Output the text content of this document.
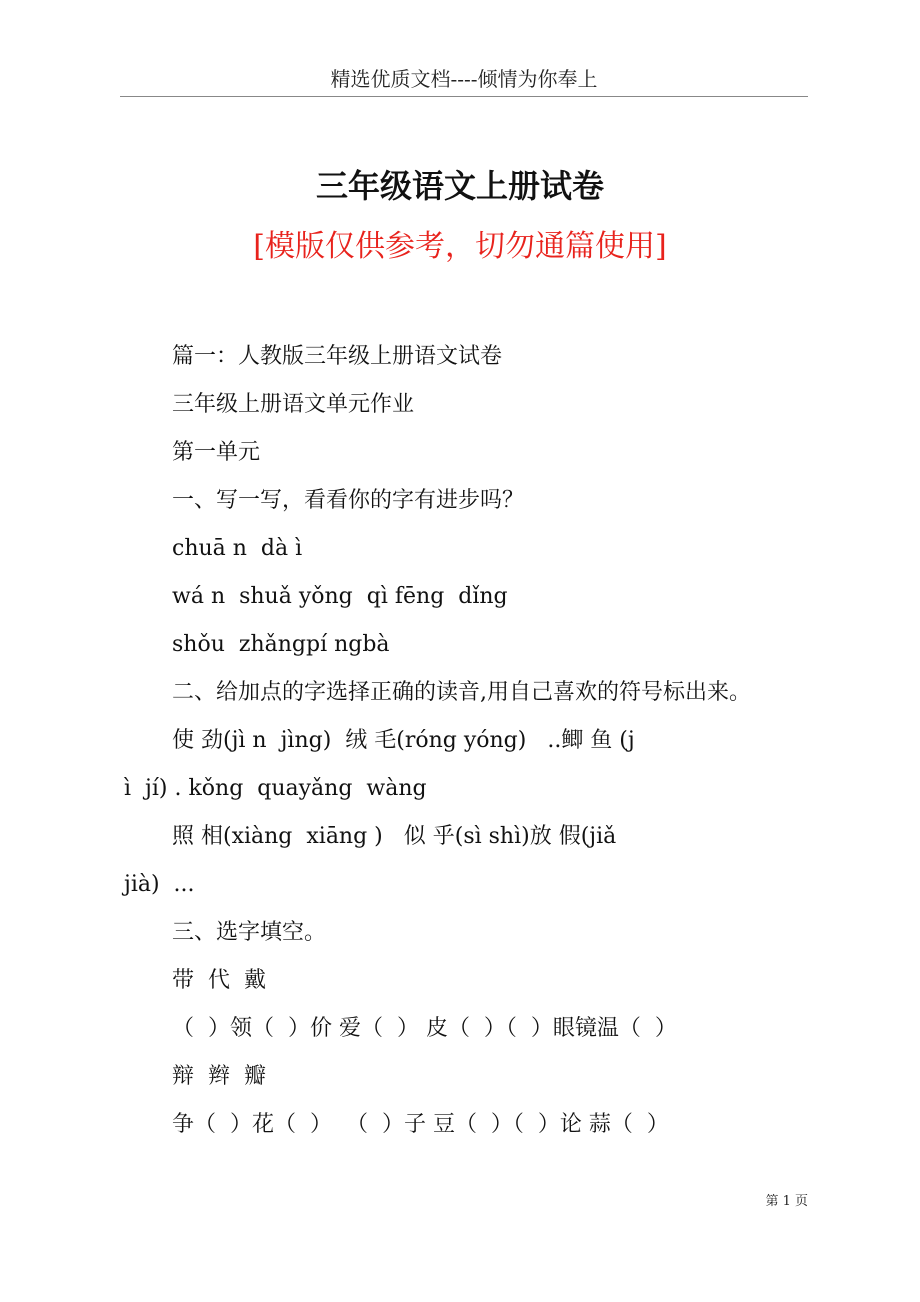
精选优质文档----倾情为你奉上
三年级语文上册试卷
[模版仅供参考，切勿通篇使用]
篇一：人教版三年级上册语文试卷
三年级上册语文单元作业
第一单元
一、写一写，看看你的字有进步吗？
chuā n  dà ì
wá n  shuǎ yǒng  qì fēng  dǐng
shǒu  zhǎngpí ngbà
二、给加点的字选择正确的读音,用自己喜欢的符号标出来。
使 劲(jì n  jìng)  绒 毛(róng yóng)   ..鲫 鱼 (j
ì  jí) . kǒng  quayǎng  wàng
照 相(xiàng  xiāng )   似 乎(sì shì)放 假(jiǎ
jià)  ...
三、选字填空。
带  代  戴
（  ）领（  ）价 爱（  ） 皮（  ）（  ）眼镜温（  ）
辩  辫  瓣
争（  ）花（  ）  （  ）子 豆（  ）（  ）论 蒜（  ）
第 1 页
